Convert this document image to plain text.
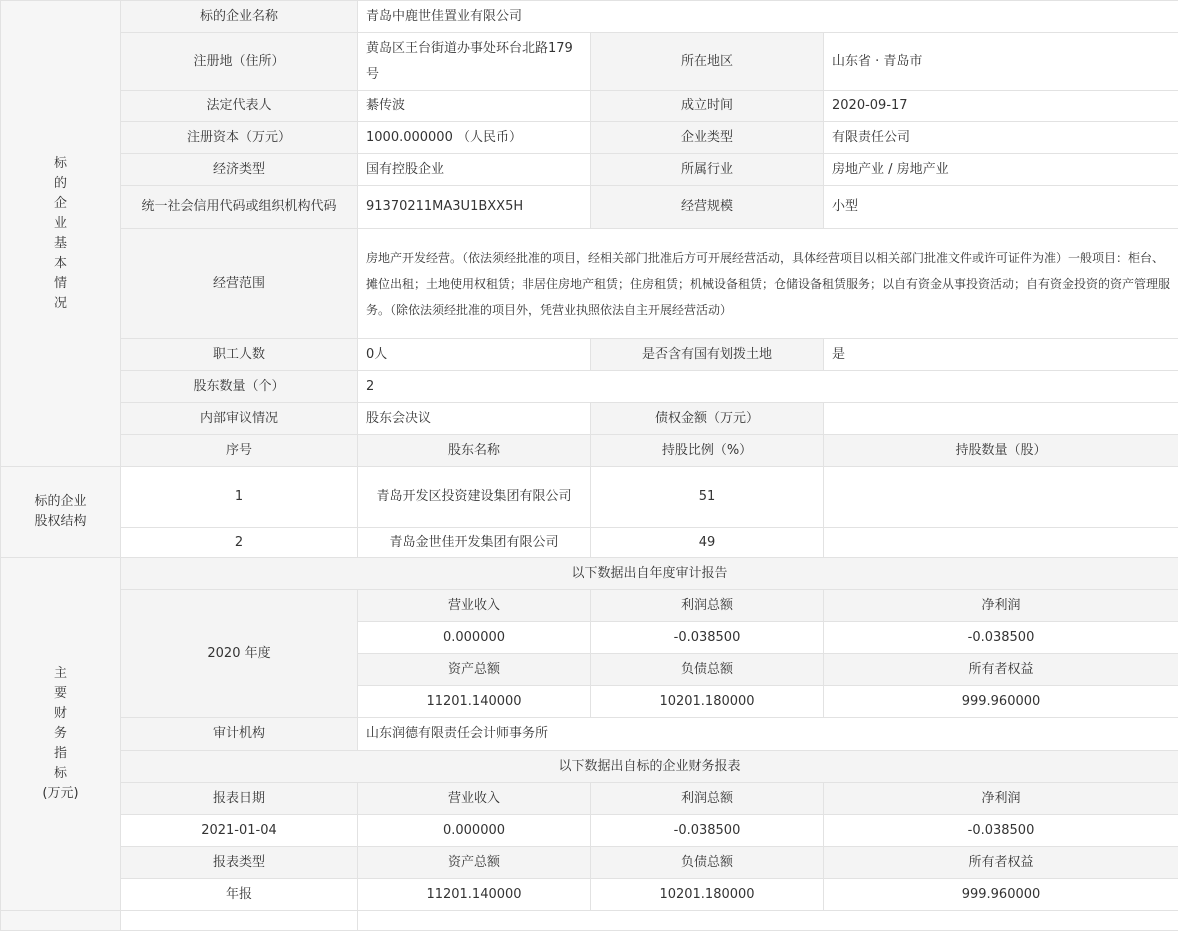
标的企业基本情况	标的企业名称	青岛中鹿世佳置业有限公司		
	注册地（住所）	黄岛区王台街道办事处环台北路179号	所在地区	山东省 · 青岛市
	法定代表人	綦传波	成立时间	2020-09-17
	注册资本（万元）	1000.000000 （人民币）	企业类型	有限责任公司
	经济类型	国有控股企业	所属行业	房地产业 / 房地产业
	统一社会信用代码或组织机构代码	91370211MA3U1BXX5H	经营规模	小型
	经营范围	房地产开发经营。（依法须经批准的项目，经相关部门批准后方可开展经营活动，具体经营项目以相关部门批准文件或许可证件为准）一般项目：柜台、摊位出租；土地使用权租赁；非居住房地产租赁；住房租赁；机械设备租赁；仓储设备租赁服务；以自有资金从事投资活动；自有资金投资的资产管理服务。（除依法须经批准的项目外，凭营业执照依法自主开展经营活动）		
	职工人数	0人	是否含有国有划拨土地	是
	股东数量（个）	2		
	内部审议情况	股东会决议	债权金额（万元）	
	序号	股东名称	持股比例（%）	持股数量（股）
标的企业股权结构	1	青岛开发区投资建设集团有限公司	51	
	2	青岛金世佳开发集团有限公司	49	
主要财务指标
(万元)	以下数据出自年度审计报告			
	2020 年度	营业收入	利润总额	净利润
		0.000000	-0.038500	-0.038500
		资产总额	负债总额	所有者权益
		11201.140000	10201.180000	999.960000
	审计机构	山东润德有限责任会计师事务所		
	以下数据出自标的企业财务报表			
	报表日期	营业收入	利润总额	净利润
	2021-01-04	0.000000	-0.038500	-0.038500
	报表类型	资产总额	负债总额	所有者权益
	年报	11201.140000	10201.180000	999.960000
